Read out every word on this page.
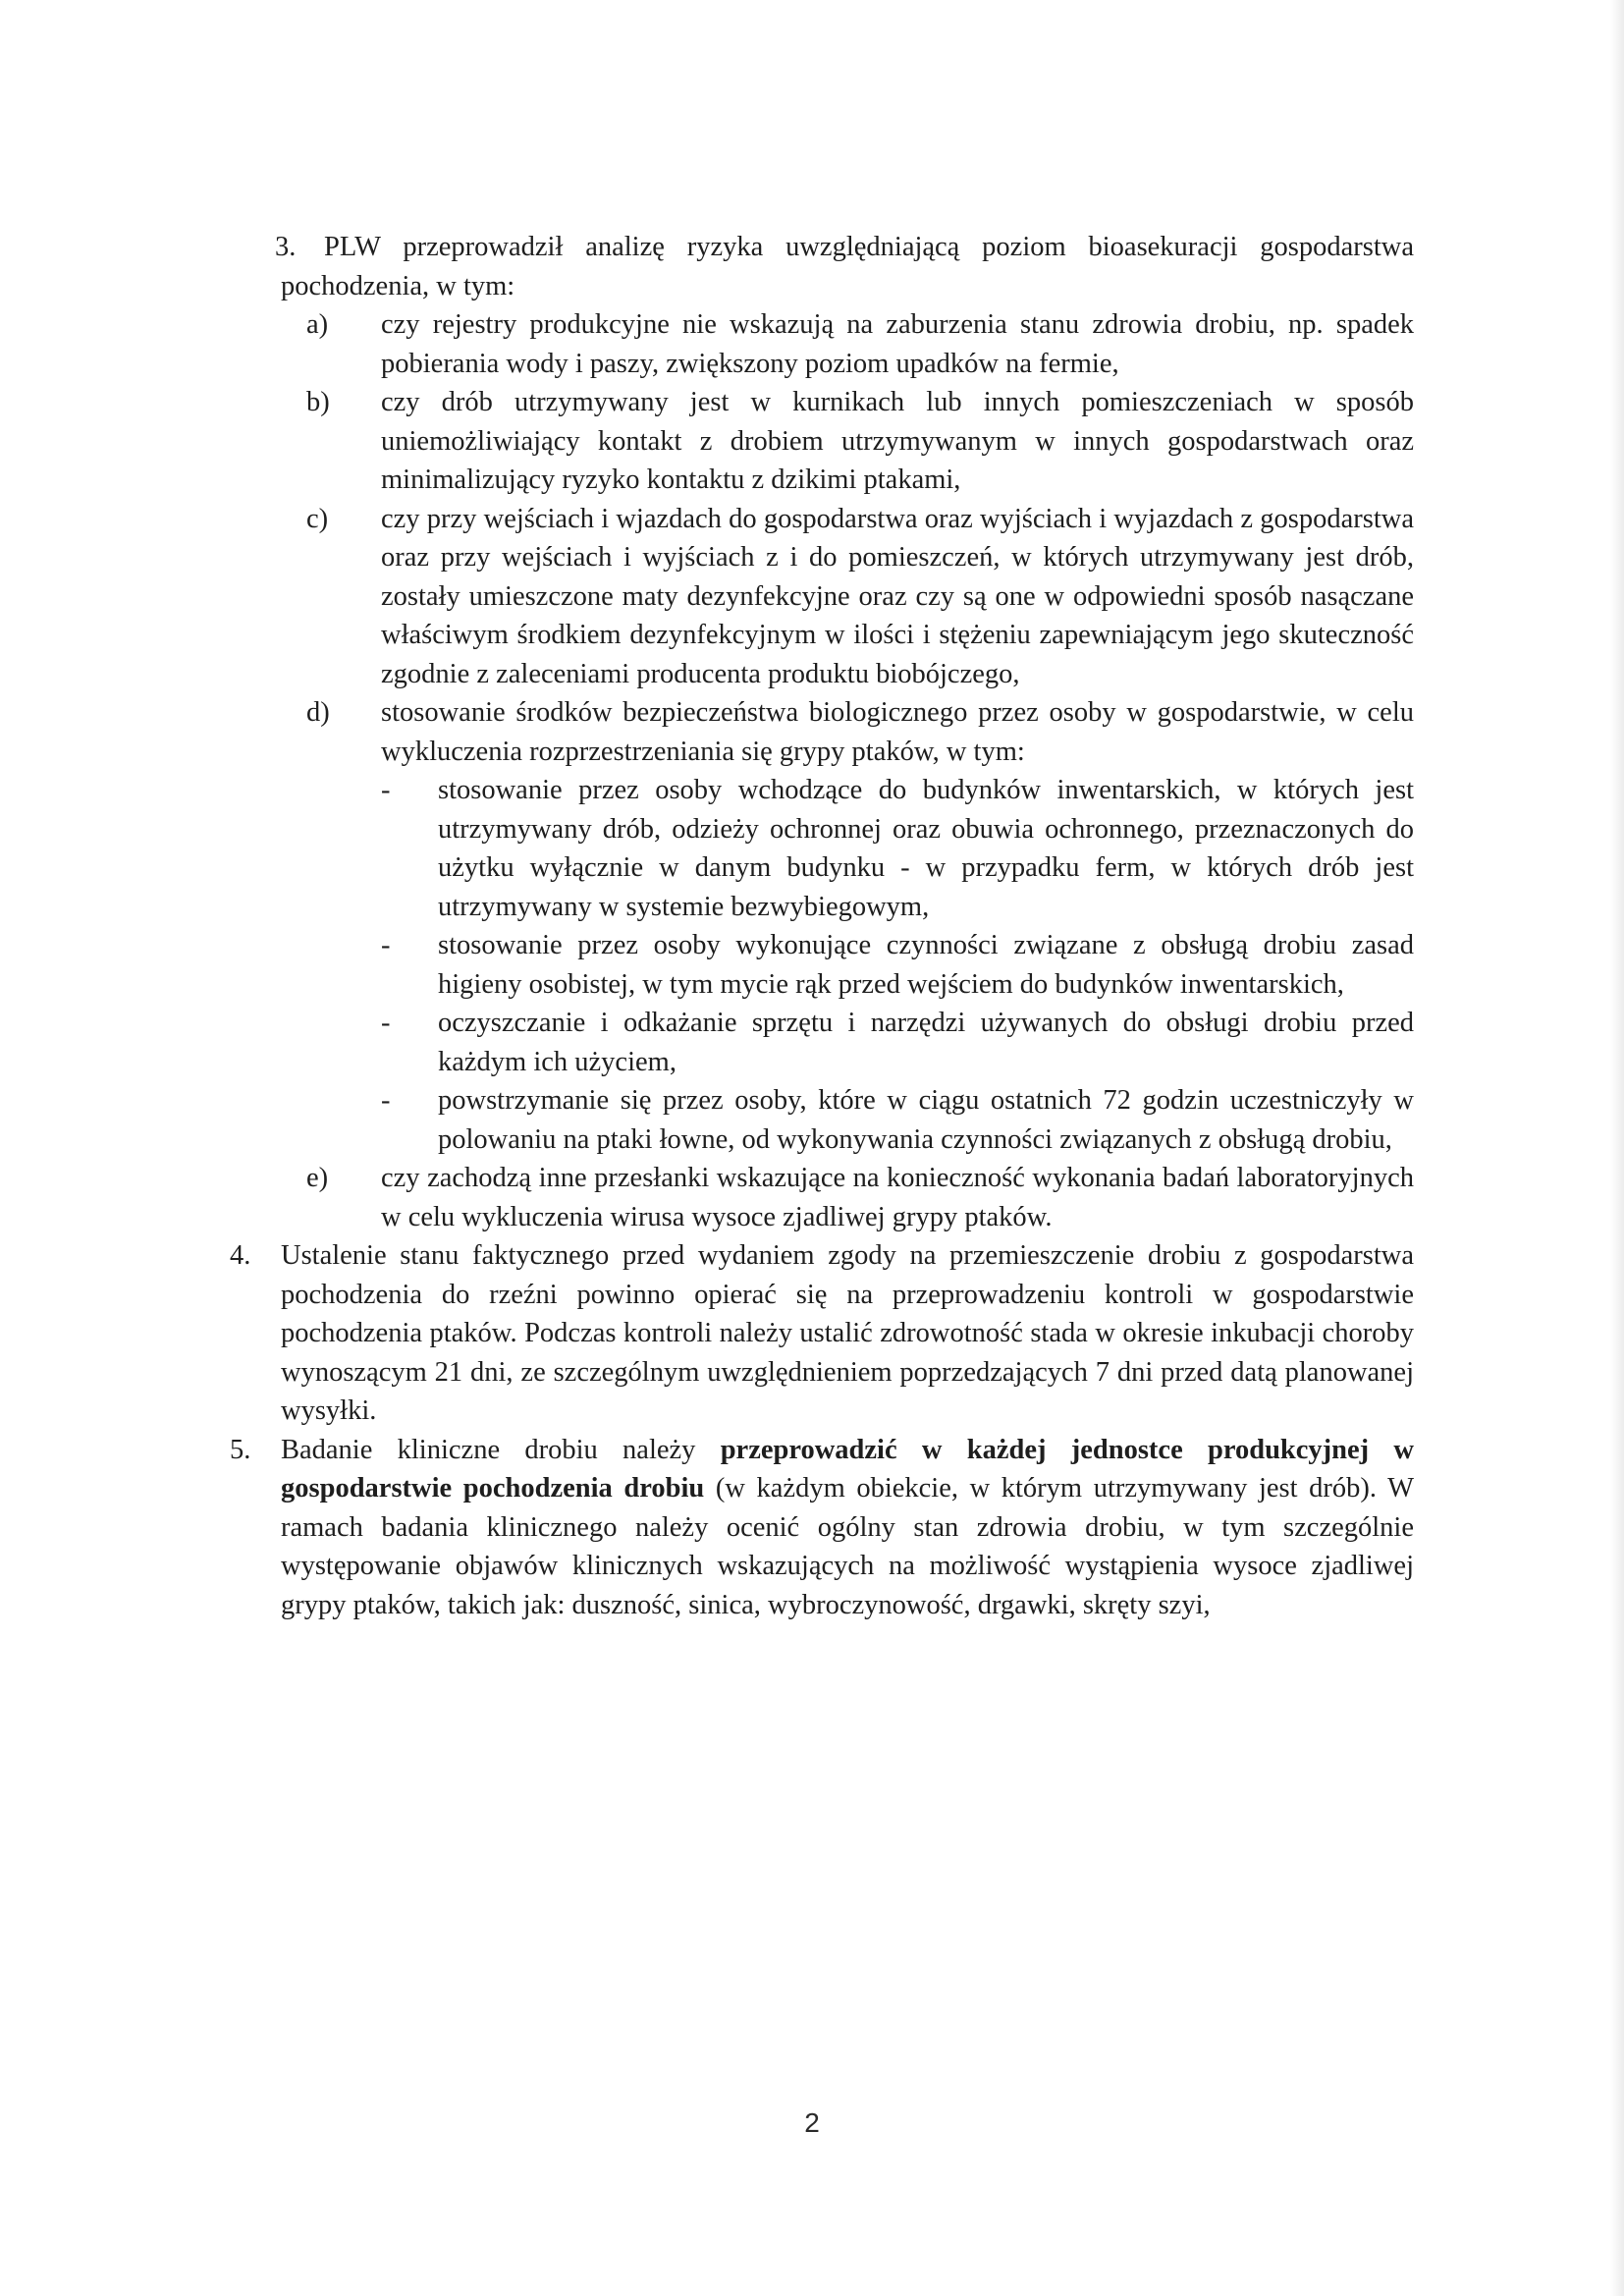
3.	PLW przeprowadził analizę ryzyka uwzględniającą poziom bioasekuracji gospodarstwa pochodzenia, w tym:
a) czy rejestry produkcyjne nie wskazują na zaburzenia stanu zdrowia drobiu, np. spadek pobierania wody i paszy, zwiększony poziom upadków na fermie,
b) czy drób utrzymywany jest w kurnikach lub innych pomieszczeniach w sposób uniemożliwiający kontakt z drobiem utrzymywanym w innych gospodarstwach oraz minimalizujący ryzyko kontaktu z dzikimi ptakami,
c) czy przy wejściach i wjazdach do gospodarstwa oraz wyjściach i wyjazdach z gospodarstwa oraz przy wejściach i wyjściach z i do pomieszczeń, w których utrzymywany jest drób, zostały umieszczone maty dezynfekcyjne oraz czy są one w odpowiedni sposób nasączane właściwym środkiem dezynfekcyjnym w ilości i stężeniu zapewniającym jego skuteczność zgodnie z zaleceniami producenta produktu biobójczego,
d) stosowanie środków bezpieczeństwa biologicznego przez osoby w gospodarstwie, w celu wykluczenia rozprzestrzeniania się grypy ptaków, w tym:
- stosowanie przez osoby wchodzące do budynków inwentarskich, w których jest utrzymywany drób, odzieży ochronnej oraz obuwia ochronnego, przeznaczonych do użytku wyłącznie w danym budynku - w przypadku ferm, w których drób jest utrzymywany w systemie bezwybiegowym,
- stosowanie przez osoby wykonujące czynności związane z obsługą drobiu zasad higieny osobistej, w tym mycie rąk przed wejściem do budynków inwentarskich,
- oczyszczanie i odkażanie sprzętu i narzędzi używanych do obsługi drobiu przed każdym ich użyciem,
- powstrzymanie się przez osoby, które w ciągu ostatnich 72 godzin uczestniczyły w polowaniu na ptaki łowne, od wykonywania czynności związanych z obsługą drobiu,
e) czy zachodzą inne przesłanki wskazujące na konieczność wykonania badań laboratoryjnych w celu wykluczenia wirusa wysoce zjadliwej grypy ptaków.
4. Ustalenie stanu faktycznego przed wydaniem zgody na przemieszczenie drobiu z gospodarstwa pochodzenia do rzeźni powinno opierać się na przeprowadzeniu kontroli w gospodarstwie pochodzenia ptaków. Podczas kontroli należy ustalić zdrowotność stada w okresie inkubacji choroby wynoszącym 21 dni, ze szczególnym uwzględnieniem poprzedzających 7 dni przed datą planowanej wysyłki.
5. Badanie kliniczne drobiu należy przeprowadzić w każdej jednostce produkcyjnej w gospodarstwie pochodzenia drobiu (w każdym obiekcie, w którym utrzymywany jest drób). W ramach badania klinicznego należy ocenić ogólny stan zdrowia drobiu, w tym szczególnie występowanie objawów klinicznych wskazujących na możliwość wystąpienia wysoce zjadliwej grypy ptaków, takich jak: duszność, sinica, wybroczynowość, drgawki, skręty szyi,
2
